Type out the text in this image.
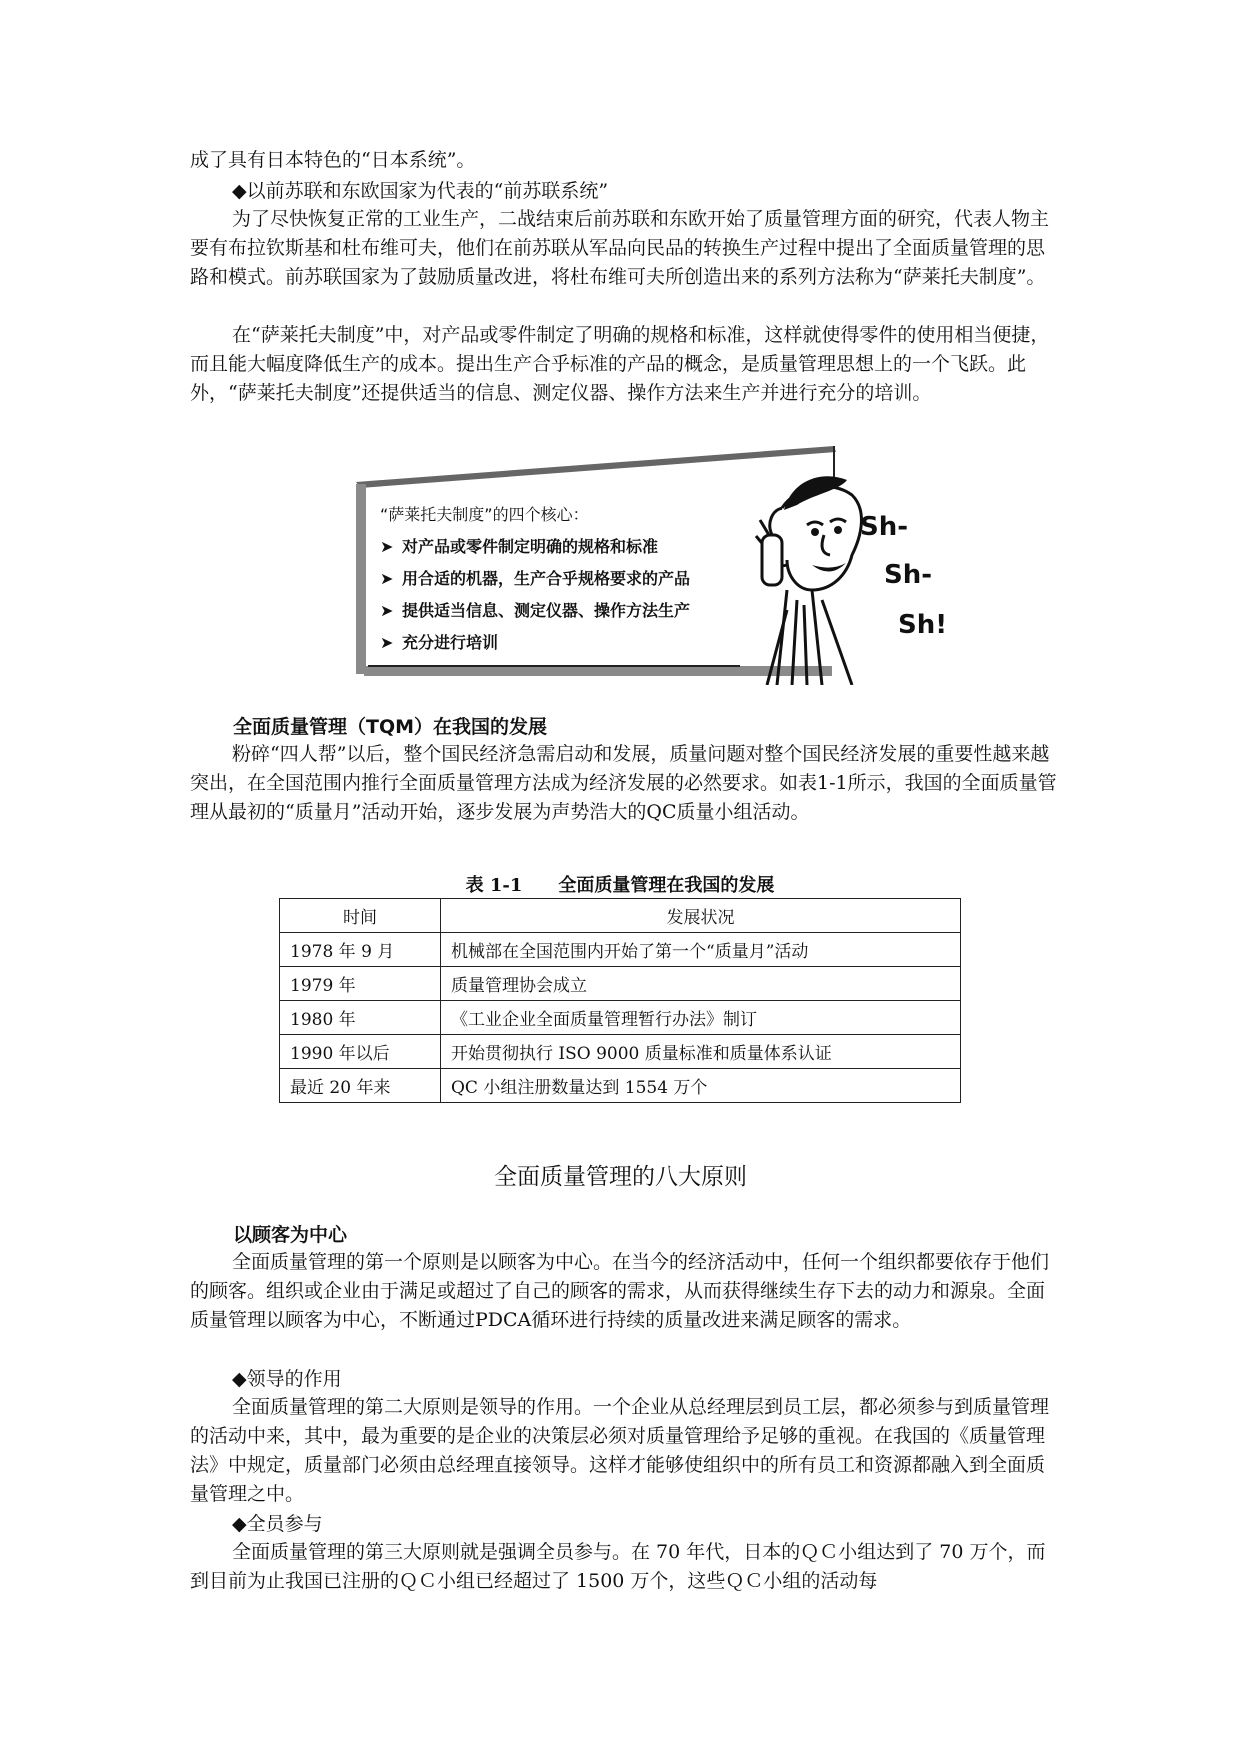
成了具有日本特色的“日本系统”。

◆以前苏联和东欧国家为代表的“前苏联系统”

为了尽快恢复正常的工业生产，二战结束后前苏联和东欧开始了质量管理方面的研究，代表人物主要有布拉钦斯基和杜布维可夫，他们在前苏联从军品向民品的转换生产过程中提出了全面质量管理的思路和模式。前苏联国家为了鼓励质量改进，将杜布维可夫所创造出来的系列方法称为“萨莱托夫制度”。

在“萨莱托夫制度”中，对产品或零件制定了明确的规格和标准，这样就使得零件的使用相当便捷，而且能大幅度降低生产的成本。提出生产合乎标准的产品的概念，是质量管理思想上的一个飞跃。此外，“萨莱托夫制度”还提供适当的信息、测定仪器、操作方法来生产并进行充分的培训。

“萨莱托夫制度”的四个核心：

➤ 对产品或零件制定明确的规格和标准

➤ 用合适的机器，生产合乎规格要求的产品

➤ 提供适当信息、测定仪器、操作方法生产

➤ 充分进行培训

Sh-
Sh-
Sh!

全面质量管理（TQM）在我国的发展

粉碎“四人帮”以后，整个国民经济急需启动和发展，质量问题对整个国民经济发展的重要性越来越突出，在全国范围内推行全面质量管理方法成为经济发展的必然要求。如表1-1所示，我国的全面质量管理从最初的“质量月”活动开始，逐步发展为声势浩大的QC质量小组活动。

表 1-1　　全面质量管理在我国的发展

时间	发展状况
1978 年 9 月	机械部在全国范围内开始了第一个“质量月”活动
1979 年	质量管理协会成立
1980 年	《工业企业全面质量管理暂行办法》制订
1990 年以后	开始贯彻执行 ISO 9000 质量标准和质量体系认证
最近 20 年来	QC 小组注册数量达到 1554 万个

全面质量管理的八大原则

以顾客为中心

全面质量管理的第一个原则是以顾客为中心。在当今的经济活动中，任何一个组织都要依存于他们的顾客。组织或企业由于满足或超过了自己的顾客的需求，从而获得继续生存下去的动力和源泉。全面质量管理以顾客为中心，不断通过PDCA循环进行持续的质量改进来满足顾客的需求。

◆领导的作用

全面质量管理的第二大原则是领导的作用。一个企业从总经理层到员工层，都必须参与到质量管理的活动中来，其中，最为重要的是企业的决策层必须对质量管理给予足够的重视。在我国的《质量管理法》中规定，质量部门必须由总经理直接领导。这样才能够使组织中的所有员工和资源都融入到全面质量管理之中。

◆全员参与

全面质量管理的第三大原则就是强调全员参与。在 70 年代，日本的ＱＣ小组达到了 70 万个，而到目前为止我国已注册的ＱＣ小组已经超过了 1500 万个，这些ＱＣ小组的活动每
